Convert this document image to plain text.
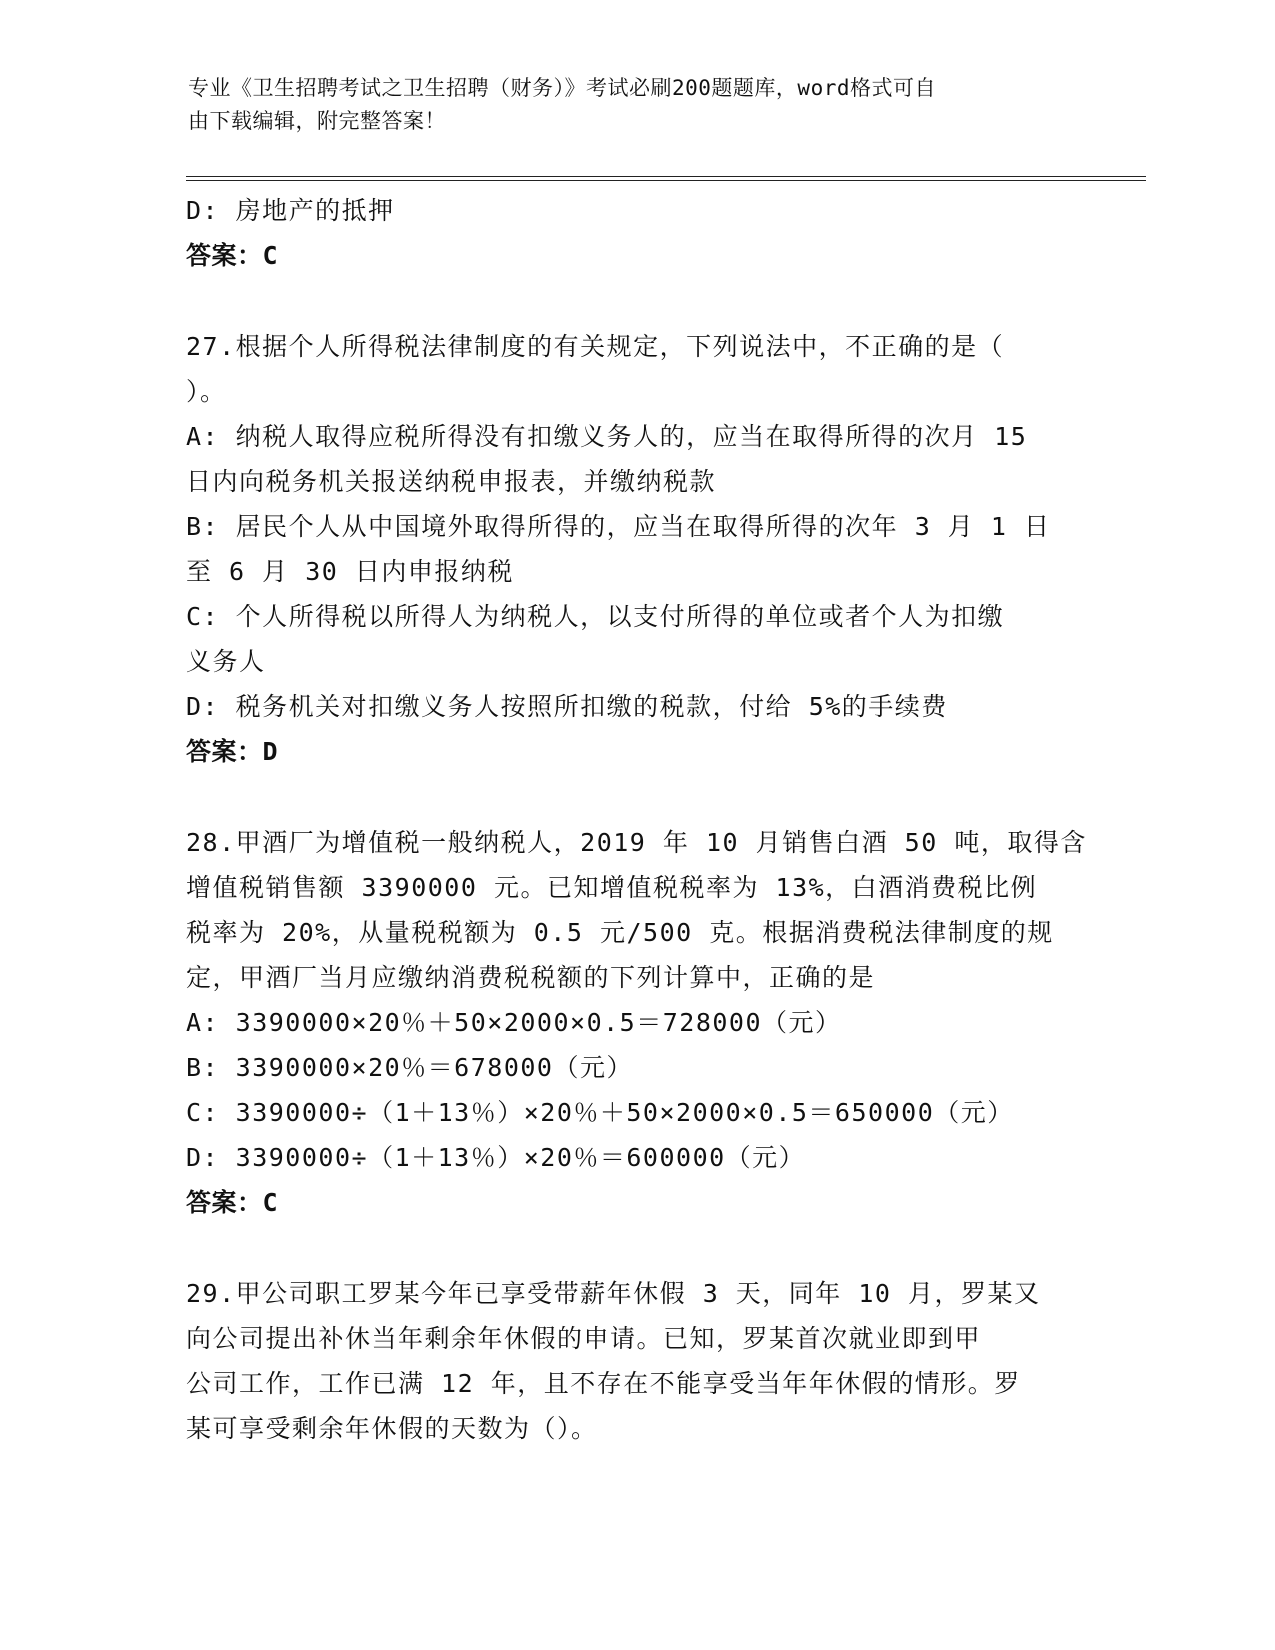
专业《卫生招聘考试之卫生招聘（财务）》考试必刷200题题库，word格式可自
由下载编辑，附完整答案！
D: 房地产的抵押
答案：C
27.根据个人所得税法律制度的有关规定，下列说法中，不正确的是（
）。
A: 纳税人取得应税所得没有扣缴义务人的，应当在取得所得的次月 15
日内向税务机关报送纳税申报表，并缴纳税款
B: 居民个人从中国境外取得所得的，应当在取得所得的次年 3 月 1 日
至 6 月 30 日内申报纳税
C: 个人所得税以所得人为纳税人，以支付所得的单位或者个人为扣缴
义务人
D: 税务机关对扣缴义务人按照所扣缴的税款，付给 5%的手续费
答案：D
28.甲酒厂为增值税一般纳税人，2019 年 10 月销售白酒 50 吨，取得含
增值税销售额 3390000 元。已知增值税税率为 13%，白酒消费税比例
税率为 20%，从量税税额为 0.5 元/500 克。根据消费税法律制度的规
定，甲酒厂当月应缴纳消费税税额的下列计算中，正确的是
A: 3390000×20％＋50×2000×0.5＝728000（元）
B: 3390000×20％＝678000（元）
C: 3390000÷（1＋13％）×20％＋50×2000×0.5＝650000（元）
D: 3390000÷（1＋13％）×20％＝600000（元）
答案：C
29.甲公司职工罗某今年已享受带薪年休假 3 天，同年 10 月，罗某又
向公司提出补休当年剩余年休假的申请。已知，罗某首次就业即到甲
公司工作，工作已满 12 年，且不存在不能享受当年年休假的情形。罗
某可享受剩余年休假的天数为（）。
